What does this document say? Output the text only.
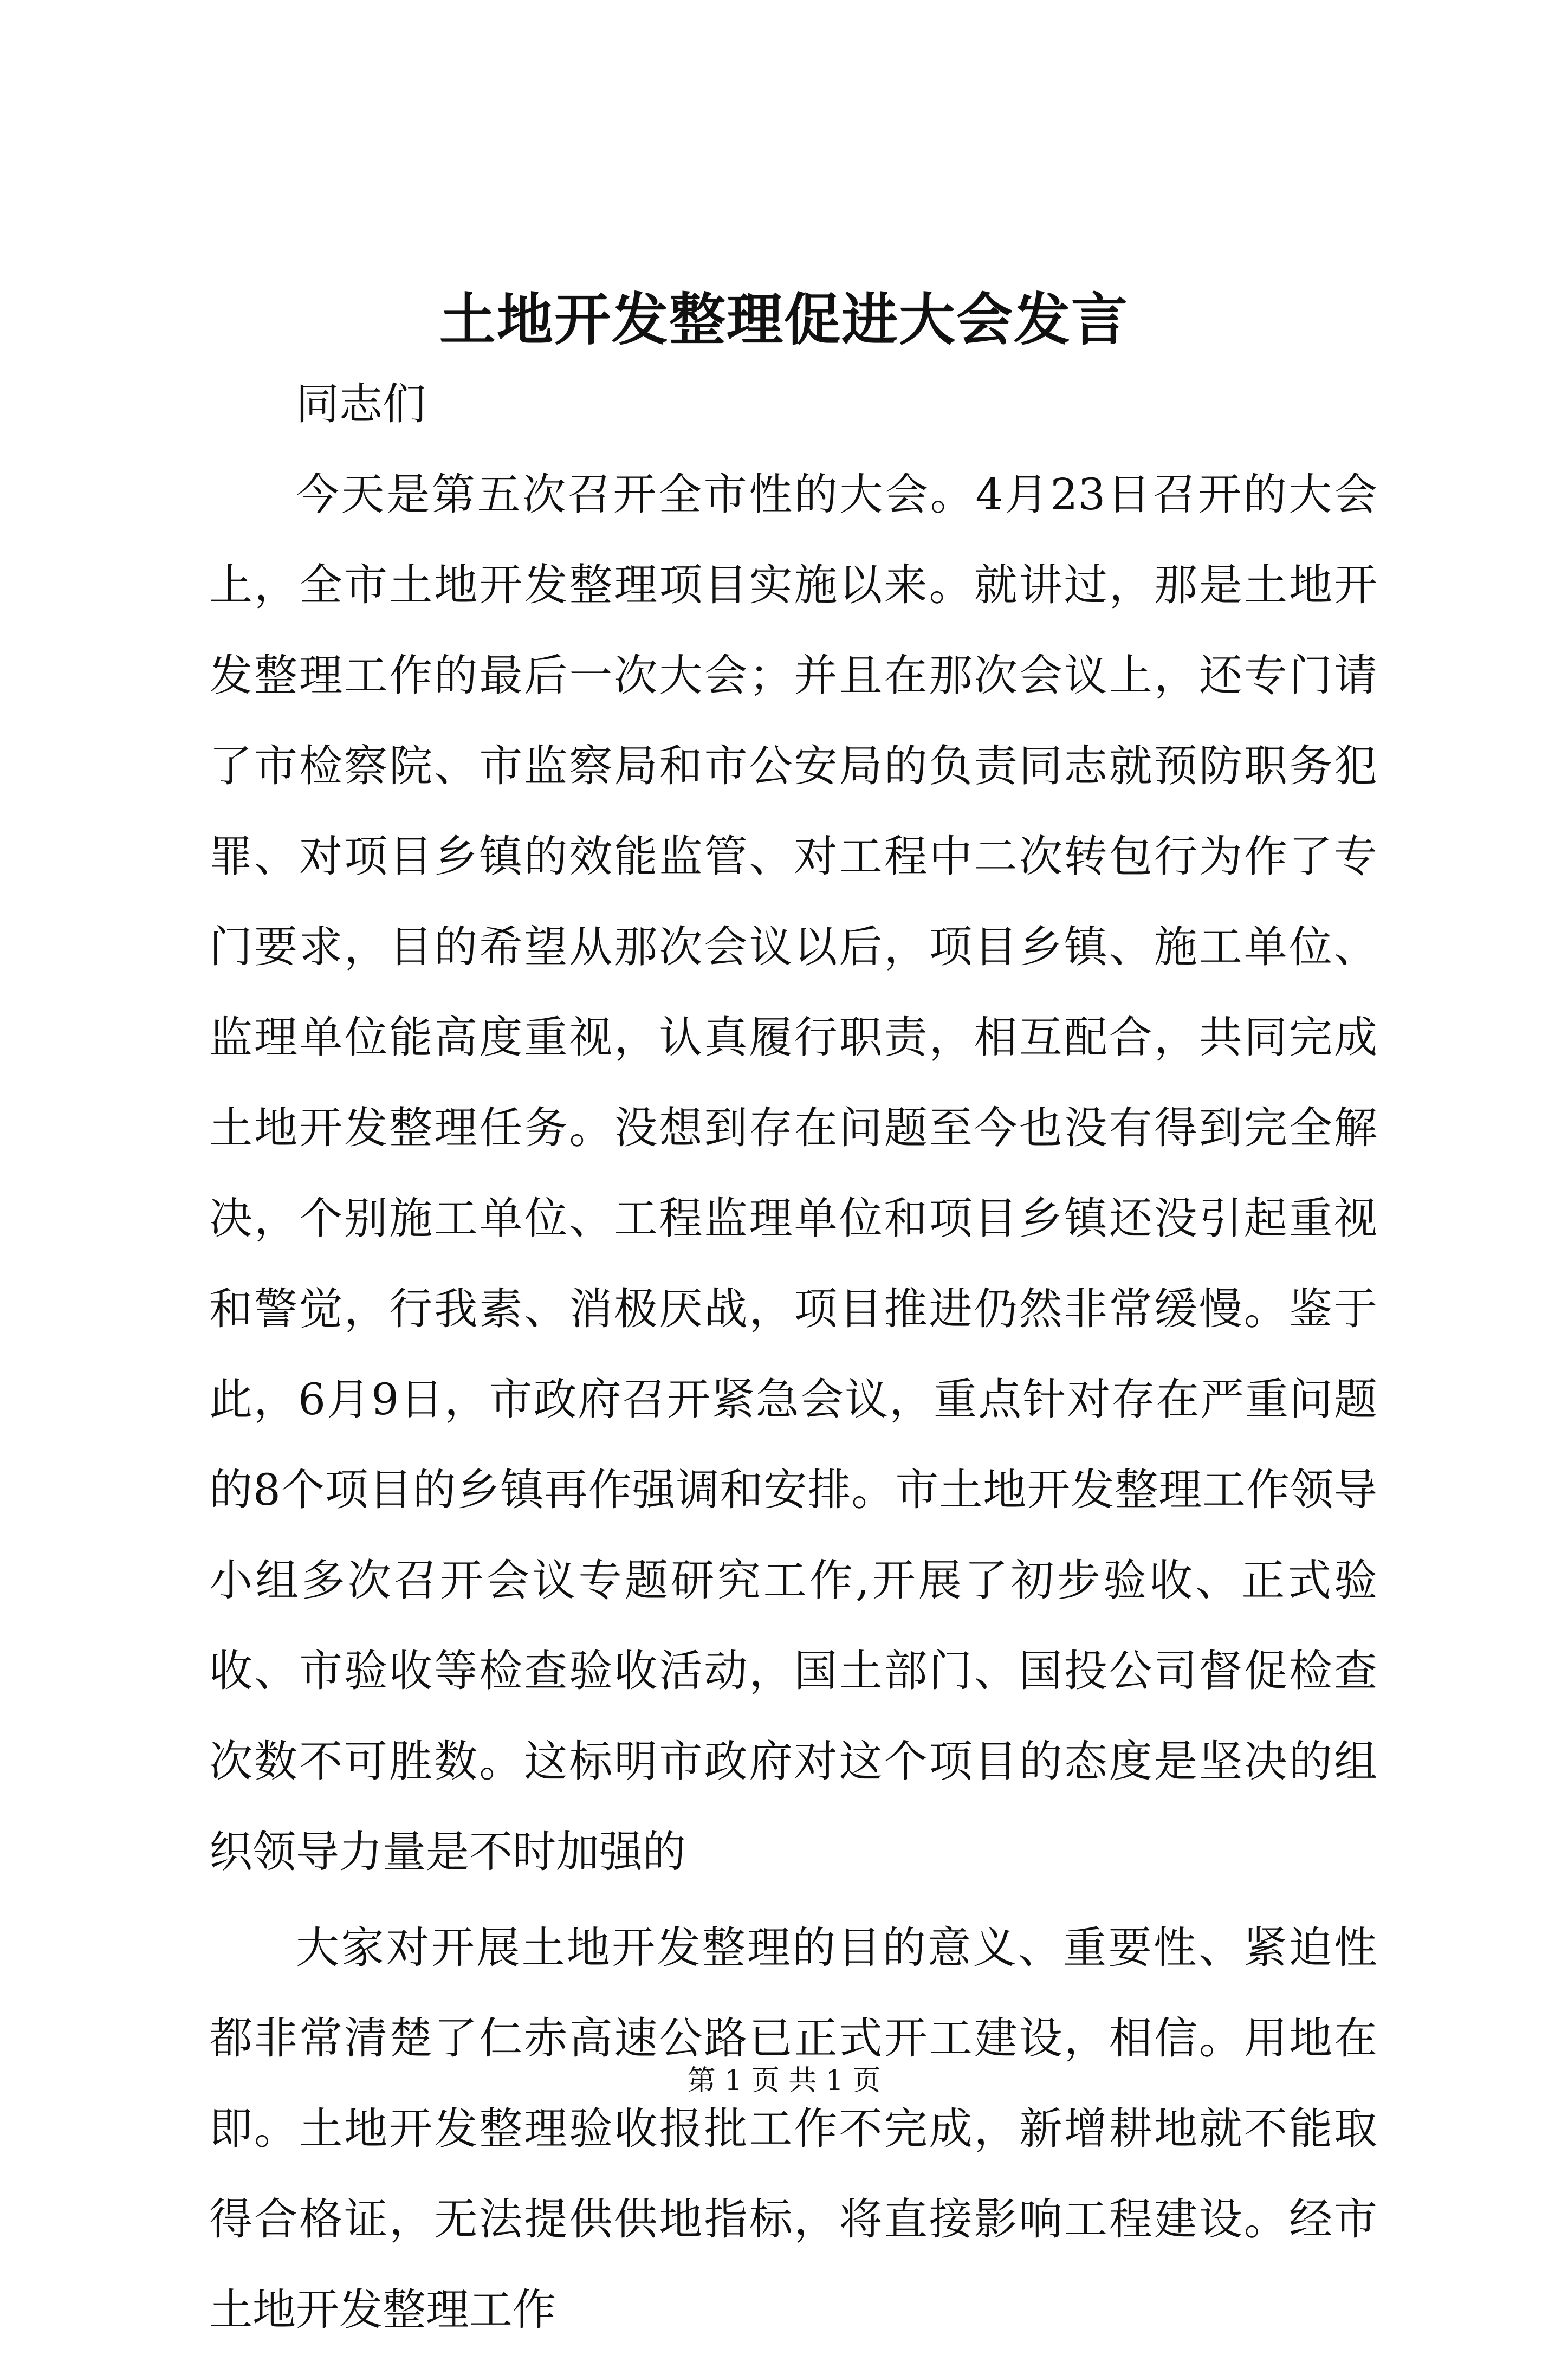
土地开发整理促进大会发言

同志们

今天是第五次召开全市性的大会。4月23日召开的大会上，全市土地开发整理项目实施以来。就讲过，那是土地开发整理工作的最后一次大会；并且在那次会议上，还专门请了市检察院、市监察局和市公安局的负责同志就预防职务犯罪、对项目乡镇的效能监管、对工程中二次转包行为作了专门要求，目的希望从那次会议以后，项目乡镇、施工单位、监理单位能高度重视，认真履行职责，相互配合，共同完成土地开发整理任务。没想到存在问题至今也没有得到完全解决，个别施工单位、工程监理单位和项目乡镇还没引起重视和警觉，行我素、消极厌战，项目推进仍然非常缓慢。鉴于此，6月9日，市政府召开紧急会议，重点针对存在严重问题的8个项目的乡镇再作强调和安排。市土地开发整理工作领导小组多次召开会议专题研究工作,开展了初步验收、正式验收、市验收等检查验收活动，国土部门、国投公司督促检查次数不可胜数。这标明市政府对这个项目的态度是坚决的组织领导力量是不时加强的

大家对开展土地开发整理的目的意义、重要性、紧迫性都非常清楚了仁赤高速公路已正式开工建设，相信。用地在即。土地开发整理验收报批工作不完成，新增耕地就不能取得合格证，无法提供供地指标，将直接影响工程建设。经市土地开发整理工作

第 1 页 共 1 页
